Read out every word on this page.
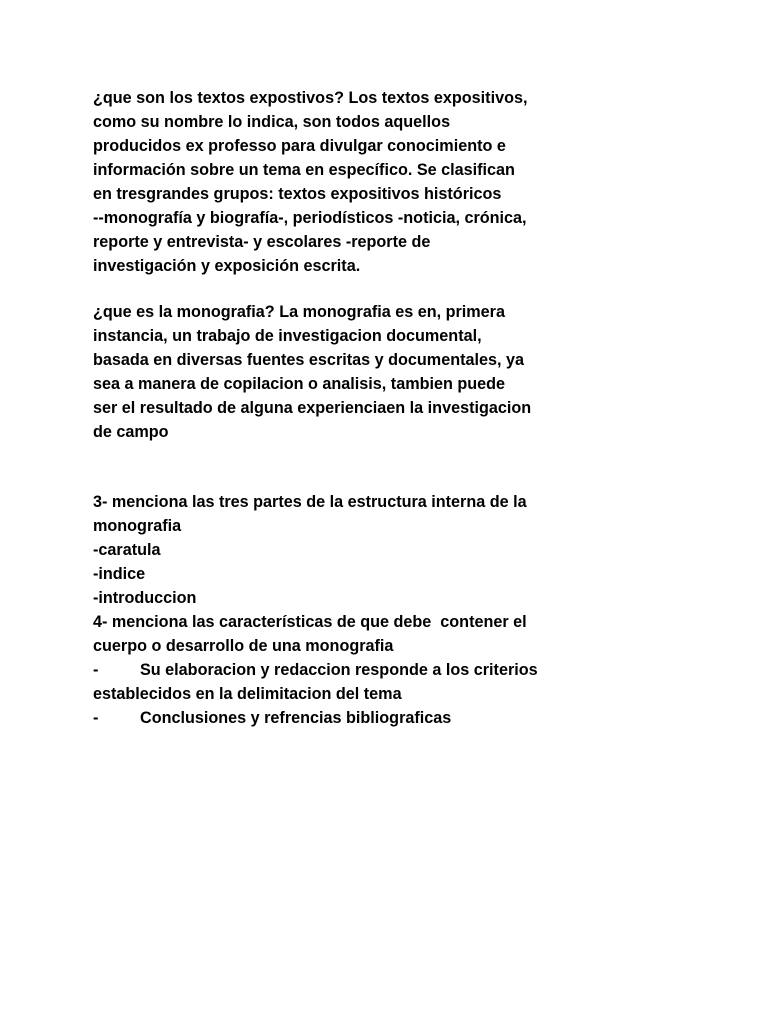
¿que son los textos expostivos? Los textos expositivos,
como su nombre lo indica, son todos aquellos
producidos ex professo para divulgar conocimiento e
información sobre un tema en específico. Se clasifican
en tresgrandes grupos: textos expositivos históricos
--monografía y biografía-, periodísticos -noticia, crónica,
reporte y entrevista- y escolares -reporte de
investigación y exposición escrita.
¿que es la monografia? La monografia es en, primera
instancia, un trabajo de investigacion documental,
basada en diversas fuentes escritas y documentales, ya
sea a manera de copilacion o analisis, tambien puede
ser el resultado de alguna experienciaen la investigacion
de campo
3- menciona las tres partes de la estructura interna de la
monografia
-caratula
-indice
-introduccion
4- menciona las características de que debe  contener el
cuerpo o desarrollo de una monografia
-	Su elaboracion y redaccion responde a los criterios
establecidos en la delimitacion del tema
-	Conclusiones y refrencias bibliograficas
